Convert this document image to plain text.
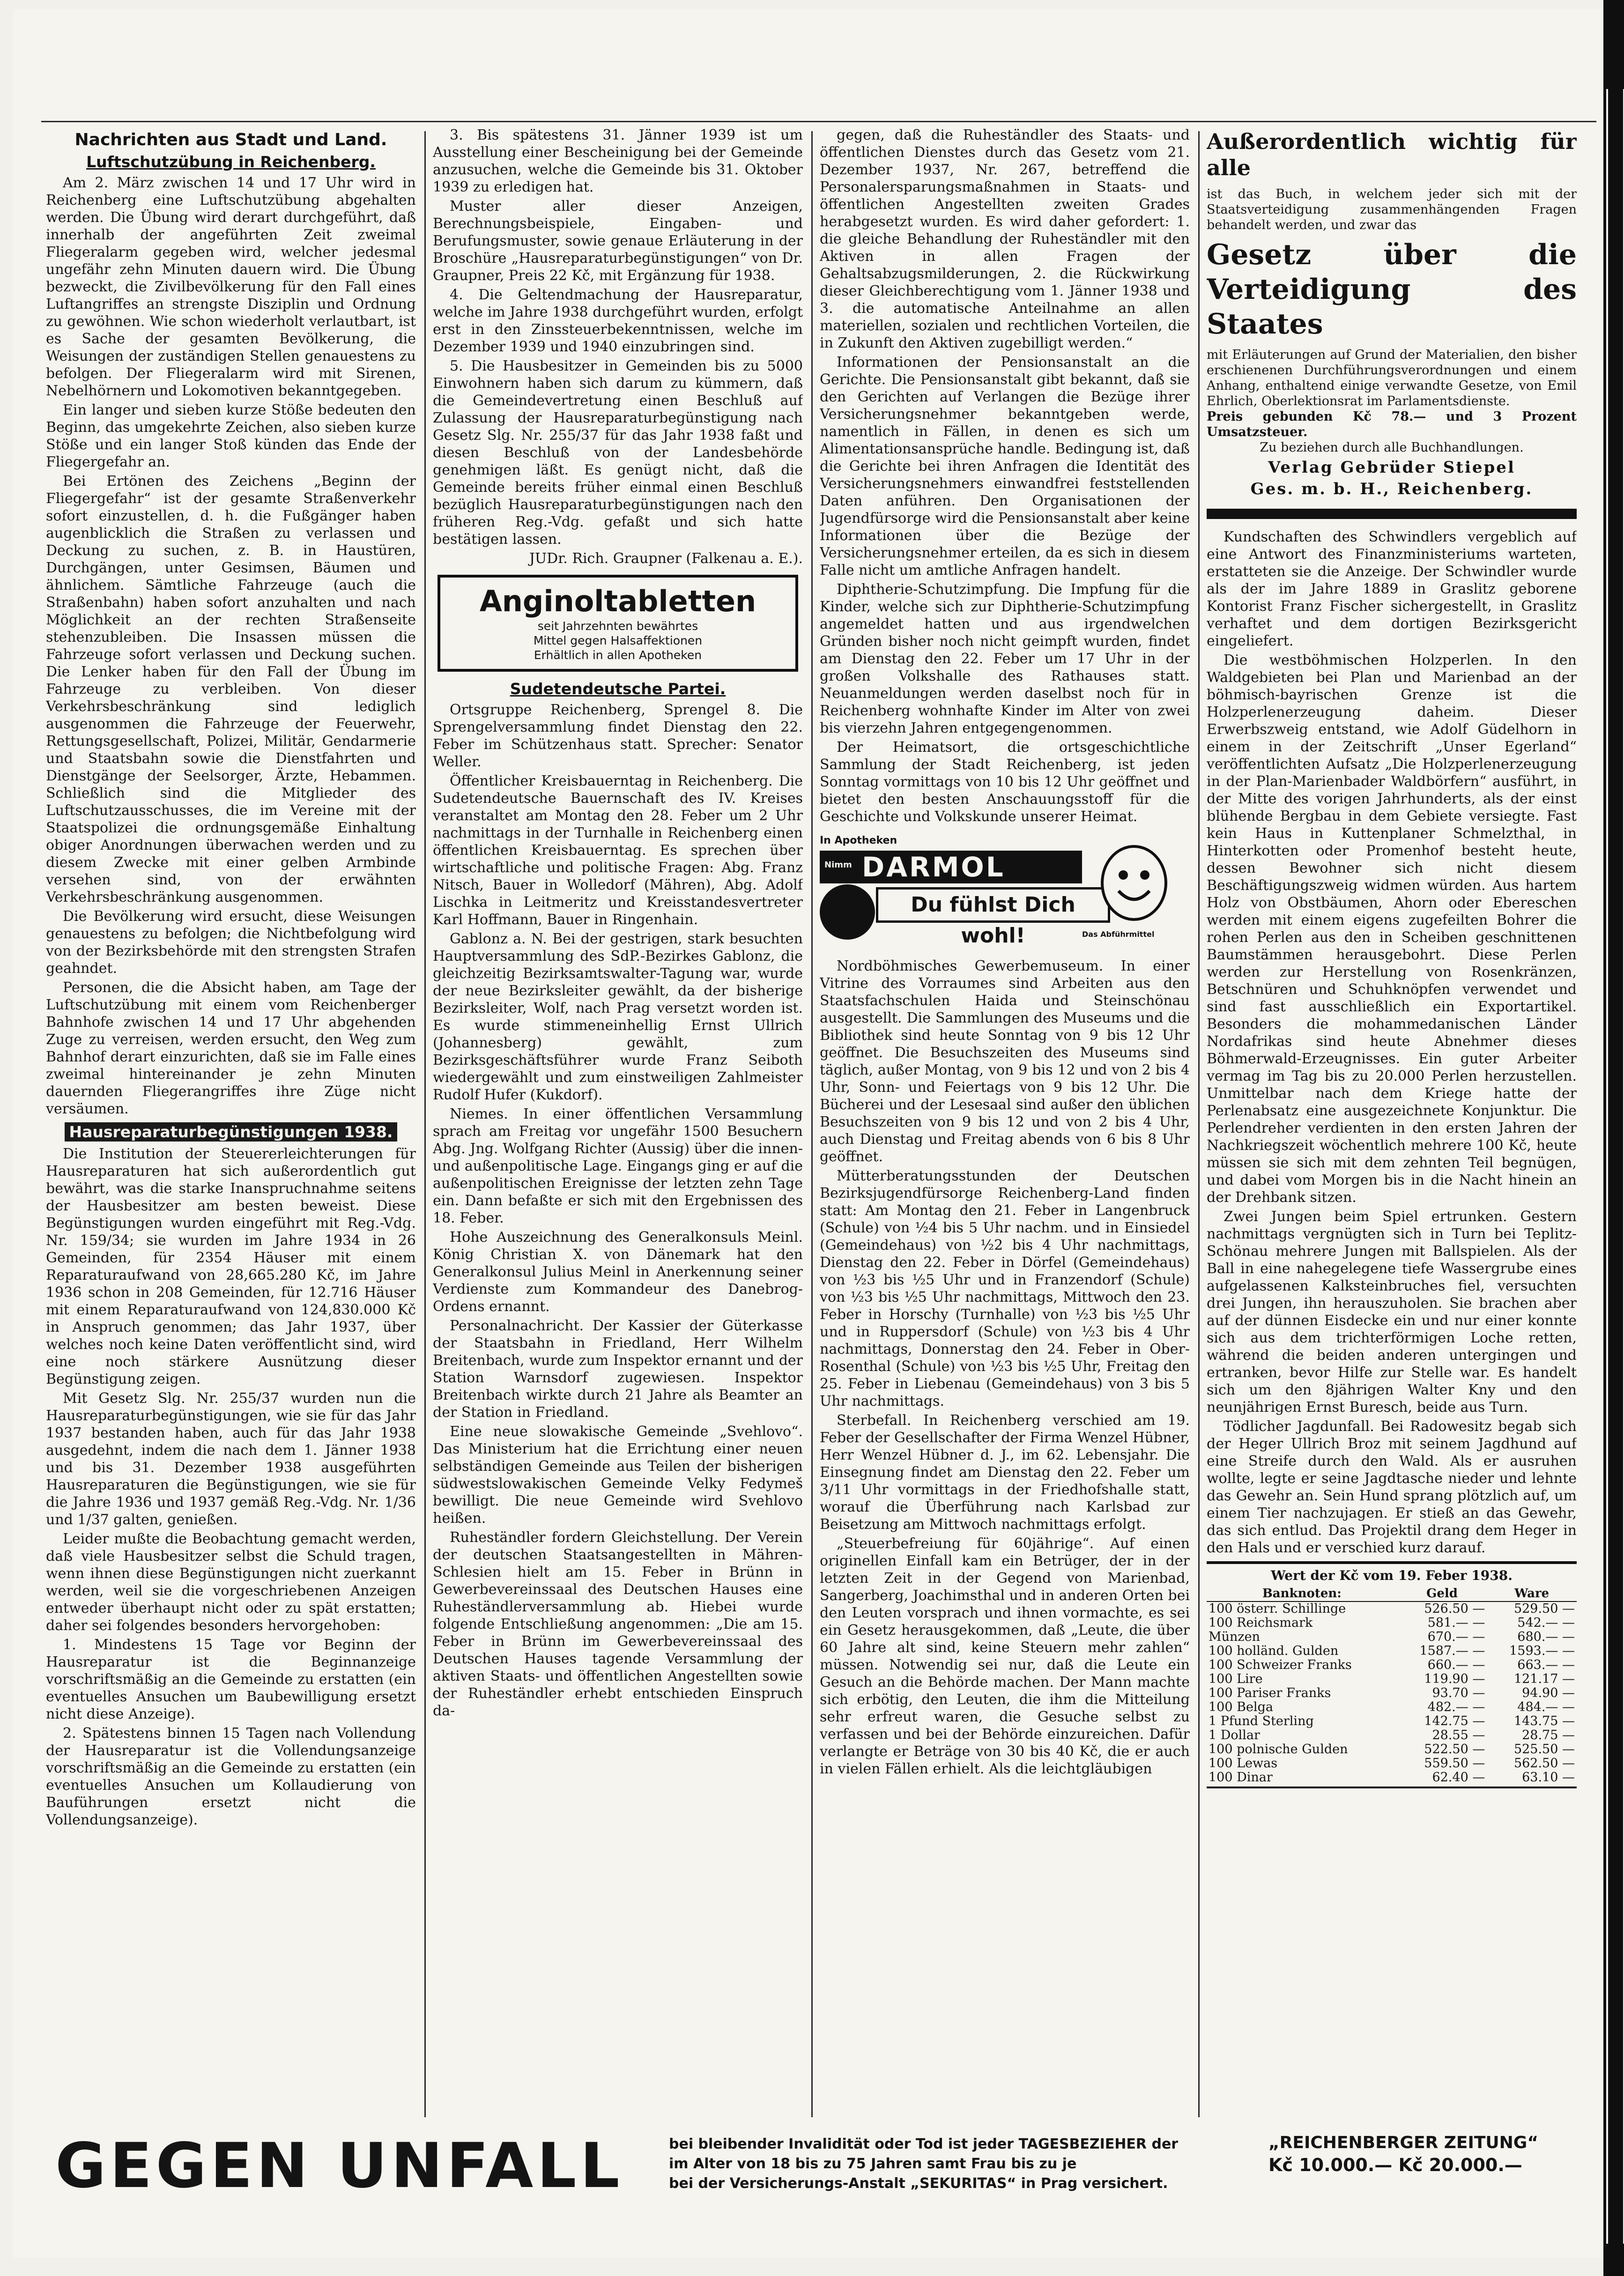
Nachrichten aus Stadt und Land.
Luftschutzübung in Reichenberg.

Am 2. März zwischen 14 und 17 Uhr wird in Reichenberg eine Luftschutzübung abgehalten werden. Die Übung wird derart durchgeführt, daß innerhalb der angeführten Zeit zweimal Fliegeralarm gegeben wird, welcher jedesmal ungefähr zehn Minuten dauern wird. Die Übung bezweckt, die Zivilbevölkerung für den Fall eines Luftangriffes an strengste Disziplin und Ordnung zu gewöhnen. Wie schon wiederholt verlautbart, ist es Sache der gesamten Bevölkerung, die Weisungen der zuständigen Stellen genauestens zu befolgen. Der Fliegeralarm wird mit Sirenen, Nebelhörnern und Lokomotiven bekanntgegeben.

Ein langer und sieben kurze Stöße bedeuten den Beginn, das umgekehrte Zeichen, also sieben kurze Stöße und ein langer Stoß künden das Ende der Fliegergefahr an.

Bei Ertönen des Zeichens „Beginn der Fliegergefahr“ ist der gesamte Straßenverkehr sofort einzustellen, d. h. die Fußgänger haben augenblicklich die Straßen zu verlassen und Deckung zu suchen, z. B. in Haustüren, Durchgängen, unter Gesimsen, Bäumen und ähnlichem. Sämtliche Fahrzeuge (auch die Straßenbahn) haben sofort anzuhalten und nach Möglichkeit an der rechten Straßenseite stehenzubleiben. Die Insassen müssen die Fahrzeuge sofort verlassen und Deckung suchen. Die Lenker haben für den Fall der Übung im Fahrzeuge zu verbleiben. Von dieser Verkehrsbeschränkung sind lediglich ausgenommen die Fahrzeuge der Feuerwehr, Rettungsgesellschaft, Polizei, Militär, Gendarmerie und Staatsbahn sowie die Dienstfahrten und Dienstgänge der Seelsorger, Ärzte, Hebammen. Schließlich sind die Mitglieder des Luftschutzausschusses, die im Vereine mit der Staatspolizei die ordnungsgemäße Einhaltung obiger Anordnungen überwachen werden und zu diesem Zwecke mit einer gelben Armbinde versehen sind, von der erwähnten Verkehrsbeschränkung ausgenommen.

Die Bevölkerung wird ersucht, diese Weisungen genauestens zu befolgen; die Nichtbefolgung wird von der Bezirksbehörde mit den strengsten Strafen geahndet.

Personen, die die Absicht haben, am Tage der Luftschutzübung mit einem vom Reichenberger Bahnhofe zwischen 14 und 17 Uhr abgehenden Zuge zu verreisen, werden ersucht, den Weg zum Bahnhof derart einzurichten, daß sie im Falle eines zweimal hintereinander je zehn Minuten dauernden Fliegerangriffes ihre Züge nicht versäumen.

Hausreparaturbegünstigungen 1938.

Die Institution der Steuererleichterungen für Hausreparaturen hat sich außerordentlich gut bewährt, was die starke Inanspruchnahme seitens der Hausbesitzer am besten beweist. Diese Begünstigungen wurden eingeführt mit Reg.-Vdg. Nr. 159/34; sie wurden im Jahre 1934 in 26 Gemeinden, für 2354 Häuser mit einem Reparaturaufwand von 28,665.280 Kč, im Jahre 1936 schon in 208 Gemeinden, für 12.716 Häuser mit einem Reparaturaufwand von 124,830.000 Kč in Anspruch genommen; das Jahr 1937, über welches noch keine Daten veröffentlicht sind, wird eine noch stärkere Ausnützung dieser Begünstigung zeigen.

Mit Gesetz Slg. Nr. 255/37 wurden nun die Hausreparaturbegünstigungen, wie sie für das Jahr 1937 bestanden haben, auch für das Jahr 1938 ausgedehnt, indem die nach dem 1. Jänner 1938 und bis 31. Dezember 1938 ausgeführten Hausreparaturen die Begünstigungen, wie sie für die Jahre 1936 und 1937 gemäß Reg.-Vdg. Nr. 1/36 und 1/37 galten, genießen.

Leider mußte die Beobachtung gemacht werden, daß viele Hausbesitzer selbst die Schuld tragen, wenn ihnen diese Begünstigungen nicht zuerkannt werden, weil sie die vorgeschriebenen Anzeigen entweder überhaupt nicht oder zu spät erstatten; daher sei folgendes besonders hervorgehoben:

1. Mindestens 15 Tage vor Beginn der Hausreparatur ist die Beginnanzeige vorschriftsmäßig an die Gemeinde zu erstatten (ein eventuelles Ansuchen um Baubewilligung ersetzt nicht diese Anzeige).

2. Spätestens binnen 15 Tagen nach Vollendung der Hausreparatur ist die Vollendungsanzeige vorschriftsmäßig an die Gemeinde zu erstatten (ein eventuelles Ansuchen um Kollaudierung von Bauführungen ersetzt nicht die Vollendungsanzeige).

3. Bis spätestens 31. Jänner 1939 ist um Ausstellung einer Bescheinigung bei der Gemeinde anzusuchen, welche die Gemeinde bis 31. Oktober 1939 zu erledigen hat.

Muster aller dieser Anzeigen, Berechnungsbeispiele, Eingaben- und Berufungsmuster, sowie genaue Erläuterung in der Broschüre „Hausreparaturbegünstigungen“ von Dr. Graupner, Preis 22 Kč, mit Ergänzung für 1938.

4. Die Geltendmachung der Hausreparatur, welche im Jahre 1938 durchgeführt wurden, erfolgt erst in den Zinssteuerbekenntnissen, welche im Dezember 1939 und 1940 einzubringen sind.

5. Die Hausbesitzer in Gemeinden bis zu 5000 Einwohnern haben sich darum zu kümmern, daß die Gemeindevertretung einen Beschluß auf Zulassung der Hausreparaturbegünstigung nach Gesetz Slg. Nr. 255/37 für das Jahr 1938 faßt und diesen Beschluß von der Landesbehörde genehmigen läßt. Es genügt nicht, daß die Gemeinde bereits früher einmal einen Beschluß bezüglich Hausreparaturbegünstigungen nach den früheren Reg.-Vdg. gefaßt und sich hatte bestätigen lassen.

JUDr. Rich. Graupner (Falkenau a. E.).

Anginoltabletten
seit Jahrzehnten bewährtes
Mittel gegen Halsaffektionen
Erhältlich in allen Apotheken
Sudetendeutsche Partei.

Ortsgruppe Reichenberg, Sprengel 8. Die Sprengelversammlung findet Dienstag den 22. Feber im Schützenhaus statt. Sprecher: Senator Weller.

Öffentlicher Kreisbauerntag in Reichenberg. Die Sudetendeutsche Bauernschaft des IV. Kreises veranstaltet am Montag den 28. Feber um 2 Uhr nachmittags in der Turnhalle in Reichenberg einen öffentlichen Kreisbauerntag. Es sprechen über wirtschaftliche und politische Fragen: Abg. Franz Nitsch, Bauer in Wolledorf (Mähren), Abg. Adolf Lischka in Leitmeritz und Kreisstandesvertreter Karl Hoffmann, Bauer in Ringenhain.

Gablonz a. N. Bei der gestrigen, stark besuchten Hauptversammlung des SdP.-Bezirkes Gablonz, die gleichzeitig Bezirksamtswalter-Tagung war, wurde der neue Bezirksleiter gewählt, da der bisherige Bezirksleiter, Wolf, nach Prag versetzt worden ist. Es wurde stimmeneinhellig Ernst Ullrich (Johannesberg) gewählt, zum Bezirksgeschäftsführer wurde Franz Seiboth wiedergewählt und zum einstweiligen Zahlmeister Rudolf Hufer (Kukdorf).

Niemes. In einer öffentlichen Versammlung sprach am Freitag vor ungefähr 1500 Besuchern Abg. Jng. Wolfgang Richter (Aussig) über die innen- und außenpolitische Lage. Eingangs ging er auf die außenpolitischen Ereignisse der letzten zehn Tage ein. Dann befaßte er sich mit den Ergebnissen des 18. Feber.

Hohe Auszeichnung des Generalkonsuls Meinl. König Christian X. von Dänemark hat den Generalkonsul Julius Meinl in Anerkennung seiner Verdienste zum Kommandeur des Danebrog-Ordens ernannt.

Personalnachricht. Der Kassier der Güterkasse der Staatsbahn in Friedland, Herr Wilhelm Breitenbach, wurde zum Inspektor ernannt und der Station Warnsdorf zugewiesen. Inspektor Breitenbach wirkte durch 21 Jahre als Beamter an der Station in Friedland.

Eine neue slowakische Gemeinde „Svehlovo“. Das Ministerium hat die Errichtung einer neuen selbständigen Gemeinde aus Teilen der bisherigen südwestslowakischen Gemeinde Velky Fedymeš bewilligt. Die neue Gemeinde wird Svehlovo heißen.

Ruheständler fordern Gleichstellung. Der Verein der deutschen Staatsangestellten in Mähren-Schlesien hielt am 15. Feber in Brünn in Gewerbevereinssaal des Deutschen Hauses eine Ruheständlerversammlung ab. Hiebei wurde folgende Entschließung angenommen: „Die am 15. Feber in Brünn im Gewerbevereinssaal des Deutschen Hauses tagende Versammlung der aktiven Staats- und öffentlichen Angestellten sowie der Ruheständler erhebt entschieden Einspruch da-

gegen, daß die Ruheständler des Staats- und öffentlichen Dienstes durch das Gesetz vom 21. Dezember 1937, Nr. 267, betreffend die Personalersparungsmaßnahmen in Staats- und öffentlichen Angestellten zweiten Grades herabgesetzt wurden. Es wird daher gefordert: 1. die gleiche Behandlung der Ruheständler mit den Aktiven in allen Fragen der Gehaltsabzugsmilderungen, 2. die Rückwirkung dieser Gleichberechtigung vom 1. Jänner 1938 und 3. die automatische Anteilnahme an allen materiellen, sozialen und rechtlichen Vorteilen, die in Zukunft den Aktiven zugebilligt werden.“

Informationen der Pensionsanstalt an die Gerichte. Die Pensionsanstalt gibt bekannt, daß sie den Gerichten auf Verlangen die Bezüge ihrer Versicherungsnehmer bekanntgeben werde, namentlich in Fällen, in denen es sich um Alimentationsansprüche handle. Bedingung ist, daß die Gerichte bei ihren Anfragen die Identität des Versicherungsnehmers einwandfrei feststellenden Daten anführen. Den Organisationen der Jugendfürsorge wird die Pensionsanstalt aber keine Informationen über die Bezüge der Versicherungsnehmer erteilen, da es sich in diesem Falle nicht um amtliche Anfragen handelt.

Diphtherie-Schutzimpfung. Die Impfung für die Kinder, welche sich zur Diphtherie-Schutzimpfung angemeldet hatten und aus irgendwelchen Gründen bisher noch nicht geimpft wurden, findet am Dienstag den 22. Feber um 17 Uhr in der großen Volkshalle des Rathauses statt. Neuanmeldungen werden daselbst noch für in Reichenberg wohnhafte Kinder im Alter von zwei bis vierzehn Jahren entgegengenommen.

Der Heimatsort, die ortsgeschichtliche Sammlung der Stadt Reichenberg, ist jeden Sonntag vormittags von 10 bis 12 Uhr geöffnet und bietet den besten Anschauungsstoff für die Geschichte und Volkskunde unserer Heimat.

In Apotheken
DARMOL
Nimm
Du fühlst Dich wohl!	Das Abführmittel

Nordböhmisches Gewerbemuseum. In einer Vitrine des Vorraumes sind Arbeiten aus den Staatsfachschulen Haida und Steinschönau ausgestellt. Die Sammlungen des Museums und die Bibliothek sind heute Sonntag von 9 bis 12 Uhr geöffnet. Die Besuchszeiten des Museums sind täglich, außer Montag, von 9 bis 12 und von 2 bis 4 Uhr, Sonn- und Feiertags von 9 bis 12 Uhr. Die Bücherei und der Lesesaal sind außer den üblichen Besuchszeiten von 9 bis 12 und von 2 bis 4 Uhr, auch Dienstag und Freitag abends von 6 bis 8 Uhr geöffnet.

Mütterberatungsstunden der Deutschen Bezirksjugendfürsorge Reichenberg-Land finden statt: Am Montag den 21. Feber in Langenbruck (Schule) von ½4 bis 5 Uhr nachm. und in Einsiedel (Gemeindehaus) von ½2 bis 4 Uhr nachmittags, Dienstag den 22. Feber in Dörfel (Gemeindehaus) von ½3 bis ½5 Uhr und in Franzendorf (Schule) von ½3 bis ½5 Uhr nachmittags, Mittwoch den 23. Feber in Horschy (Turnhalle) von ½3 bis ½5 Uhr und in Ruppersdorf (Schule) von ½3 bis 4 Uhr nachmittags, Donnerstag den 24. Feber in Ober-Rosenthal (Schule) von ½3 bis ½5 Uhr, Freitag den 25. Feber in Liebenau (Gemeindehaus) von 3 bis 5 Uhr nachmittags.

Sterbefall. In Reichenberg verschied am 19. Feber der Gesellschafter der Firma Wenzel Hübner, Herr Wenzel Hübner d. J., im 62. Lebensjahr. Die Einsegnung findet am Dienstag den 22. Feber um 3/11 Uhr vormittags in der Friedhofshalle statt, worauf die Überführung nach Karlsbad zur Beisetzung am Mittwoch nachmittags erfolgt.

„Steuerbefreiung für 60jährige“. Auf einen originellen Einfall kam ein Betrüger, der in der letzten Zeit in der Gegend von Marienbad, Sangerberg, Joachimsthal und in anderen Orten bei den Leuten vorsprach und ihnen vormachte, es sei ein Gesetz herausgekommen, daß „Leute, die über 60 Jahre alt sind, keine Steuern mehr zahlen“ müssen. Notwendig sei nur, daß die Leute ein Gesuch an die Behörde machen. Der Mann machte sich erbötig, den Leuten, die ihm die Mitteilung sehr erfreut waren, die Gesuche selbst zu verfassen und bei der Behörde einzureichen. Dafür verlangte er Beträge von 30 bis 40 Kč, die er auch in vielen Fällen erhielt. Als die leichtgläubigen

Außerordentlich wichtig für alle
ist das Buch, in welchem jeder sich mit der Staatsverteidigung zusammenhängenden Fragen behandelt werden, und zwar das
Gesetz über die Verteidigung des Staates
mit Erläuterungen auf Grund der Materialien, den bisher erschienenen Durchführungsverordnungen und einem Anhang, enthaltend einige verwandte Gesetze, von Emil Ehrlich, Oberlektionsrat im Parlamentsdienste.
Preis gebunden Kč 78.— und 3 Prozent Umsatzsteuer.
Zu beziehen durch alle Buchhandlungen.
Verlag Gebrüder Stiepel
Ges. m. b. H., Reichenberg.

Kundschaften des Schwindlers vergeblich auf eine Antwort des Finanzministeriums warteten, erstatteten sie die Anzeige. Der Schwindler wurde als der im Jahre 1889 in Graslitz geborene Kontorist Franz Fischer sichergestellt, in Graslitz verhaftet und dem dortigen Bezirksgericht eingeliefert.

Die westböhmischen Holzperlen. In den Waldgebieten bei Plan und Marienbad an der böhmisch-bayrischen Grenze ist die Holzperlenerzeugung daheim. Dieser Erwerbszweig entstand, wie Adolf Güdelhorn in einem in der Zeitschrift „Unser Egerland“ veröffentlichten Aufsatz „Die Holzperlenerzeugung in der Plan-Marienbader Waldbörfern“ ausführt, in der Mitte des vorigen Jahrhunderts, als der einst blühende Bergbau in dem Gebiete versiegte. Fast kein Haus in Kuttenplaner Schmelzthal, in Hinterkotten oder Promenhof besteht heute, dessen Bewohner sich nicht diesem Beschäftigungszweig widmen würden. Aus hartem Holz von Obstbäumen, Ahorn oder Ebereschen werden mit einem eigens zugefeilten Bohrer die rohen Perlen aus den in Scheiben geschnittenen Baumstämmen herausgebohrt. Diese Perlen werden zur Herstellung von Rosenkränzen, Betschnüren und Schuhknöpfen verwendet und sind fast ausschließlich ein Exportartikel. Besonders die mohammedanischen Länder Nordafrikas sind heute Abnehmer dieses Böhmerwald-Erzeugnisses. Ein guter Arbeiter vermag im Tag bis zu 20.000 Perlen herzustellen. Unmittelbar nach dem Kriege hatte der Perlenabsatz eine ausgezeichnete Konjunktur. Die Perlendreher verdienten in den ersten Jahren der Nachkriegszeit wöchentlich mehrere 100 Kč, heute müssen sie sich mit dem zehnten Teil begnügen, und dabei vom Morgen bis in die Nacht hinein an der Drehbank sitzen.

Zwei Jungen beim Spiel ertrunken. Gestern nachmittags vergnügten sich in Turn bei Teplitz-Schönau mehrere Jungen mit Ballspielen. Als der Ball in eine nahegelegene tiefe Wassergrube eines aufgelassenen Kalksteinbruches fiel, versuchten drei Jungen, ihn herauszuholen. Sie brachen aber auf der dünnen Eisdecke ein und nur einer konnte sich aus dem trichterförmigen Loche retten, während die beiden anderen untergingen und ertranken, bevor Hilfe zur Stelle war. Es handelt sich um den 8jährigen Walter Kny und den neunjährigen Ernst Buresch, beide aus Turn.

Tödlicher Jagdunfall. Bei Radowesitz begab sich der Heger Ullrich Broz mit seinem Jagdhund auf eine Streife durch den Wald. Als er ausruhen wollte, legte er seine Jagdtasche nieder und lehnte das Gewehr an. Sein Hund sprang plötzlich auf, um einem Tier nachzujagen. Er stieß an das Gewehr, das sich entlud. Das Projektil drang dem Heger in den Hals und er verschied kurz darauf.

Wert der Kč vom 19. Feber 1938.
Banknoten:	Geld	Ware
100 österr. Schillinge	526.50 —	529.50 —
100 Reichsmark	581.— —	542.— —
Münzen	670.— —	680.— —
100 holländ. Gulden	1587.— —	1593.— —
100 Schweizer Franks	660.— —	663.— —
100 Lire	119.90 —	121.17 —
100 Pariser Franks	93.70 —	94.90 —
100 Belga	482.— —	484.— —
1 Pfund Sterling	142.75 —	143.75 —
1 Dollar	28.55 —	28.75 —
100 polnische Gulden	522.50 —	525.50 —
100 Lewas	559.50 —	562.50 —
100 Dinar	62.40 —	63.10 —
GEGEN UNFALL	bei bleibender Invalidität oder Tod ist jeder TAGESBEZIEHER der
im Alter von 18 bis zu 75 Jahren samt Frau bis zu je
bei der Versicherungs-Anstalt „SEKURITAS“ in Prag versichert.
„REICHENBERGER ZEITUNG“
Kč 10.000.— Kč 20.000.—
